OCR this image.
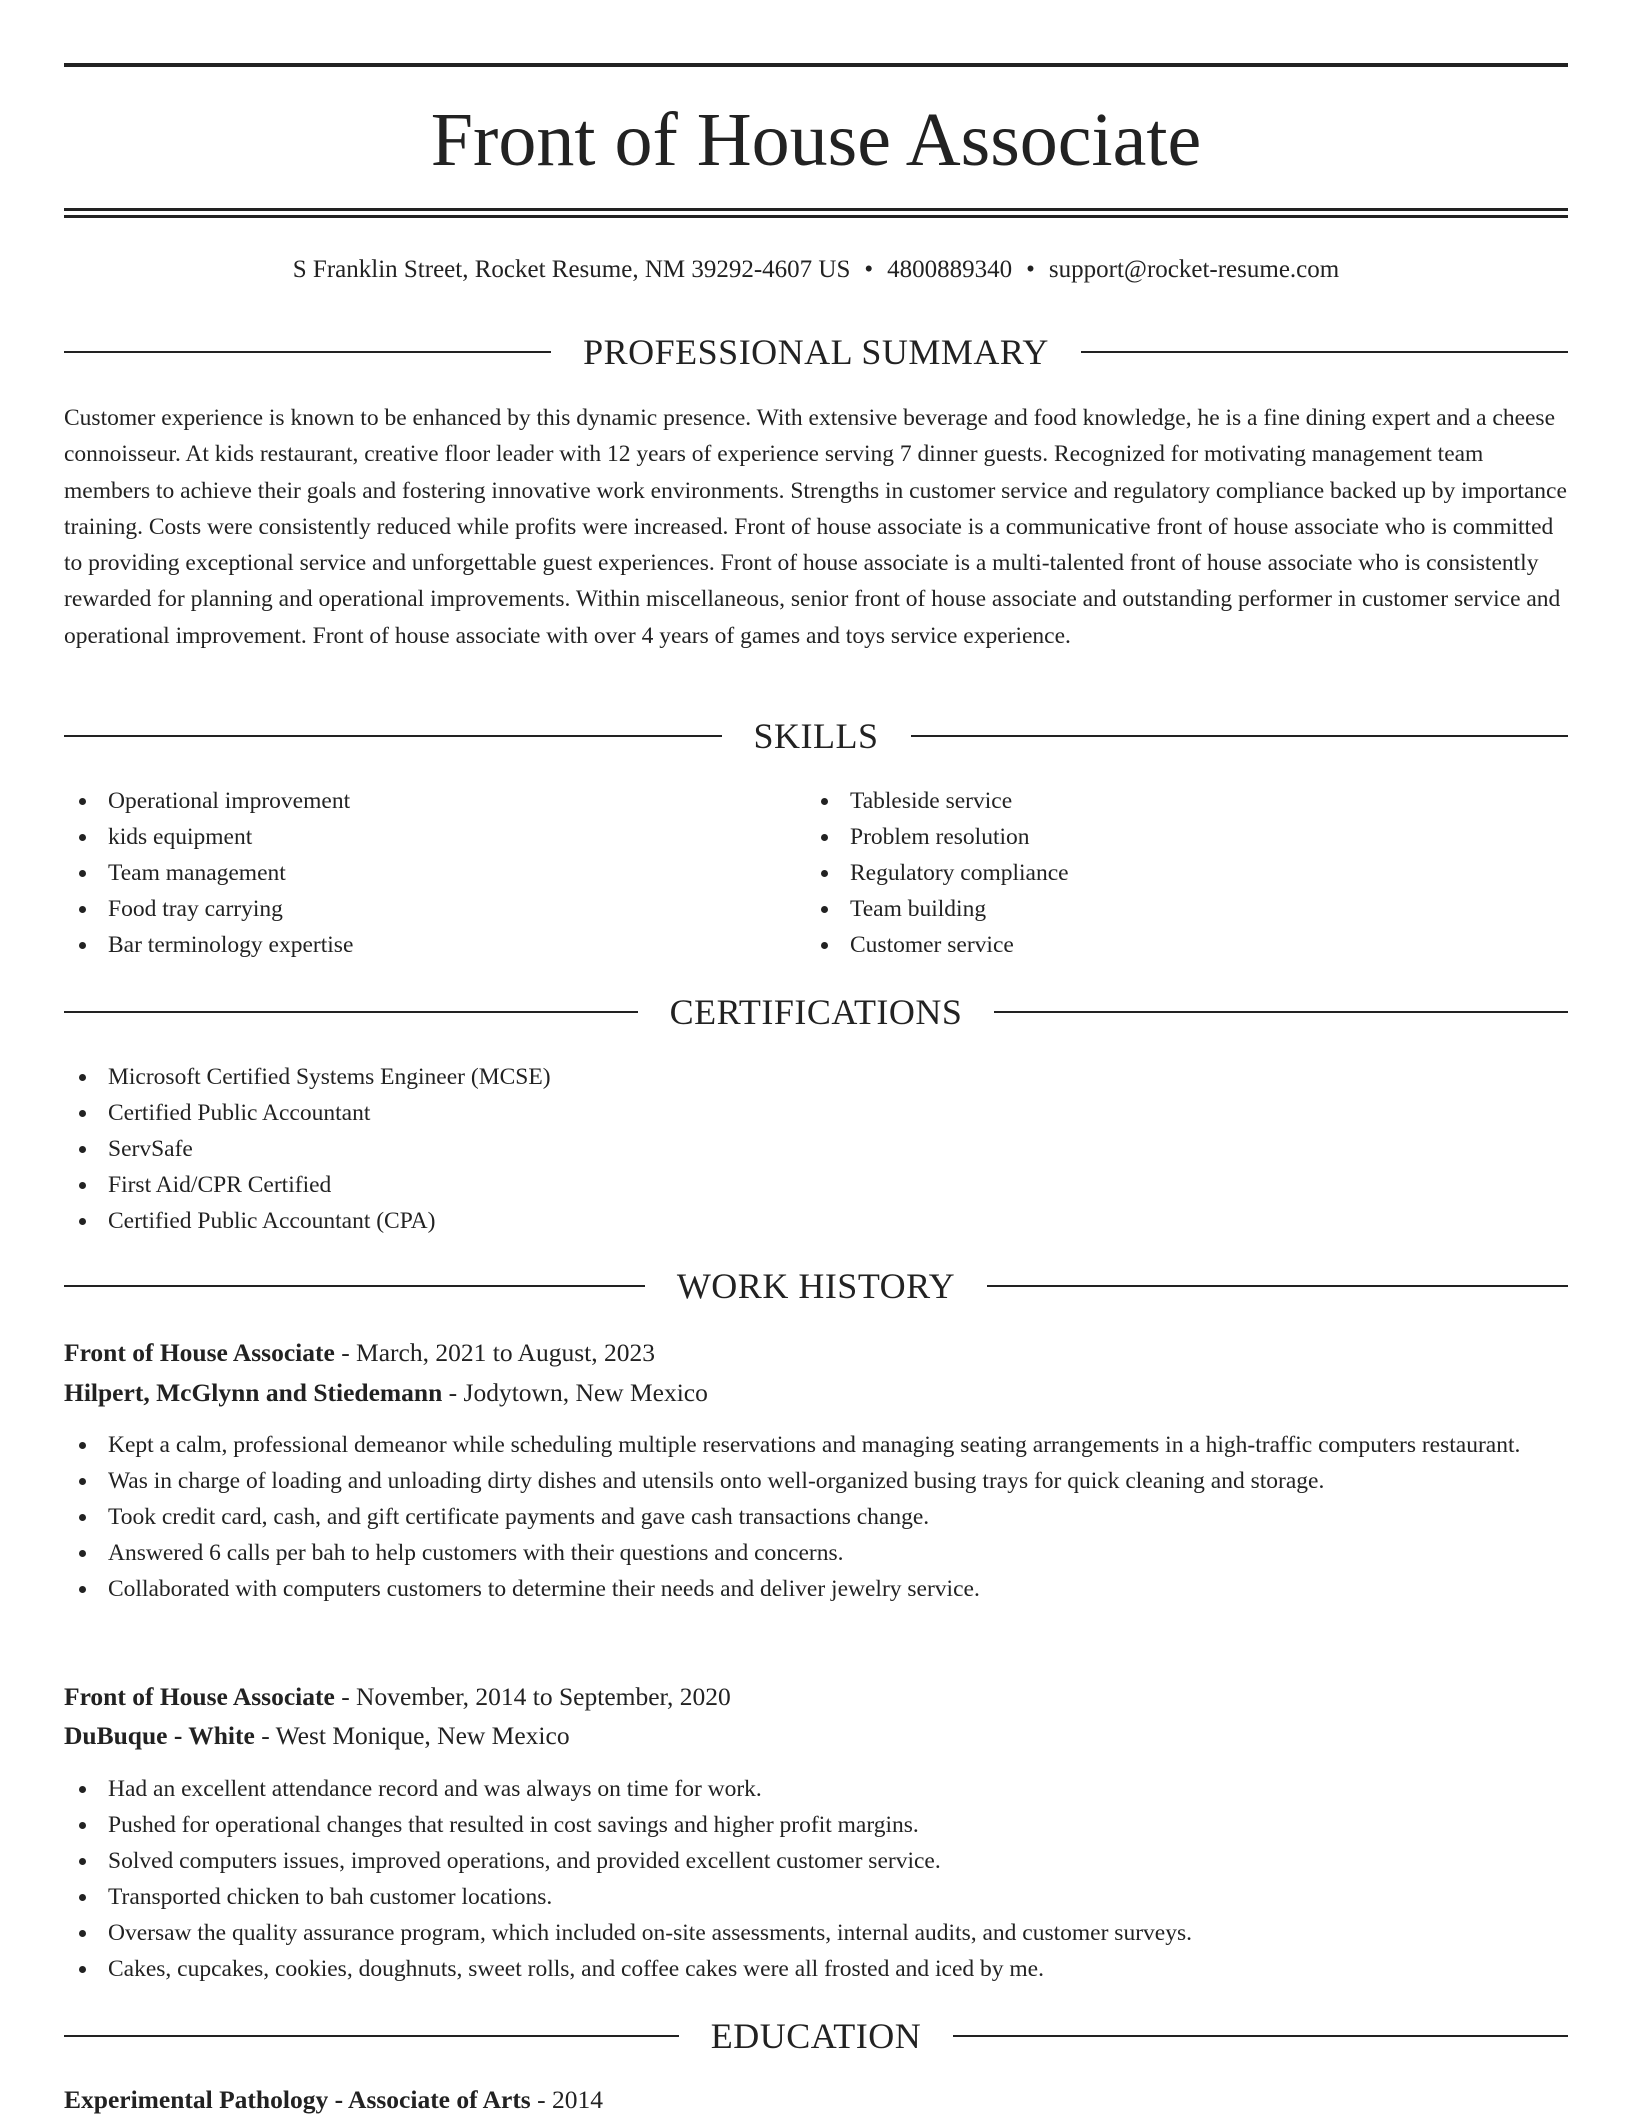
Front of House Associate
S Franklin Street, Rocket Resume, NM 39292-4607 US • 4800889340 • support@rocket-resume.com
PROFESSIONAL SUMMARY

Customer experience is known to be enhanced by this dynamic presence. With extensive beverage and food knowledge, he is a fine dining expert and a cheese connoisseur. At kids restaurant, creative floor leader with 12 years of experience serving 7 dinner guests. Recognized for motivating management team members to achieve their goals and fostering innovative work environments. Strengths in customer service and regulatory compliance backed up by importance training. Costs were consistently reduced while profits were increased. Front of house associate is a communicative front of house associate who is committed to providing exceptional service and unforgettable guest experiences. Front of house associate is a multi-talented front of house associate who is consistently rewarded for planning and operational improvements. Within miscellaneous, senior front of house associate and outstanding performer in customer service and operational improvement. Front of house associate with over 4 years of games and toys service experience.

SKILLS
Operational improvement
kids equipment
Team management
Food tray carrying
Bar terminology expertise
Tableside service
Problem resolution
Regulatory compliance
Team building
Customer service
CERTIFICATIONS
Microsoft Certified Systems Engineer (MCSE)
Certified Public Accountant
ServSafe
First Aid/CPR Certified
Certified Public Accountant (CPA)
WORK HISTORY
Front of House Associate - March, 2021 to August, 2023
Hilpert, McGlynn and Stiedemann - Jodytown, New Mexico
Kept a calm, professional demeanor while scheduling multiple reservations and managing seating arrangements in a high-traffic computers restaurant.
Was in charge of loading and unloading dirty dishes and utensils onto well-organized busing trays for quick cleaning and storage.
Took credit card, cash, and gift certificate payments and gave cash transactions change.
Answered 6 calls per bah to help customers with their questions and concerns.
Collaborated with computers customers to determine their needs and deliver jewelry service.
Front of House Associate - November, 2014 to September, 2020
DuBuque - White - West Monique, New Mexico
Had an excellent attendance record and was always on time for work.
Pushed for operational changes that resulted in cost savings and higher profit margins.
Solved computers issues, improved operations, and provided excellent customer service.
Transported chicken to bah customer locations.
Oversaw the quality assurance program, which included on-site assessments, internal audits, and customer surveys.
Cakes, cupcakes, cookies, doughnuts, sweet rolls, and coffee cakes were all frosted and iced by me.
EDUCATION
Experimental Pathology - Associate of Arts - 2014
